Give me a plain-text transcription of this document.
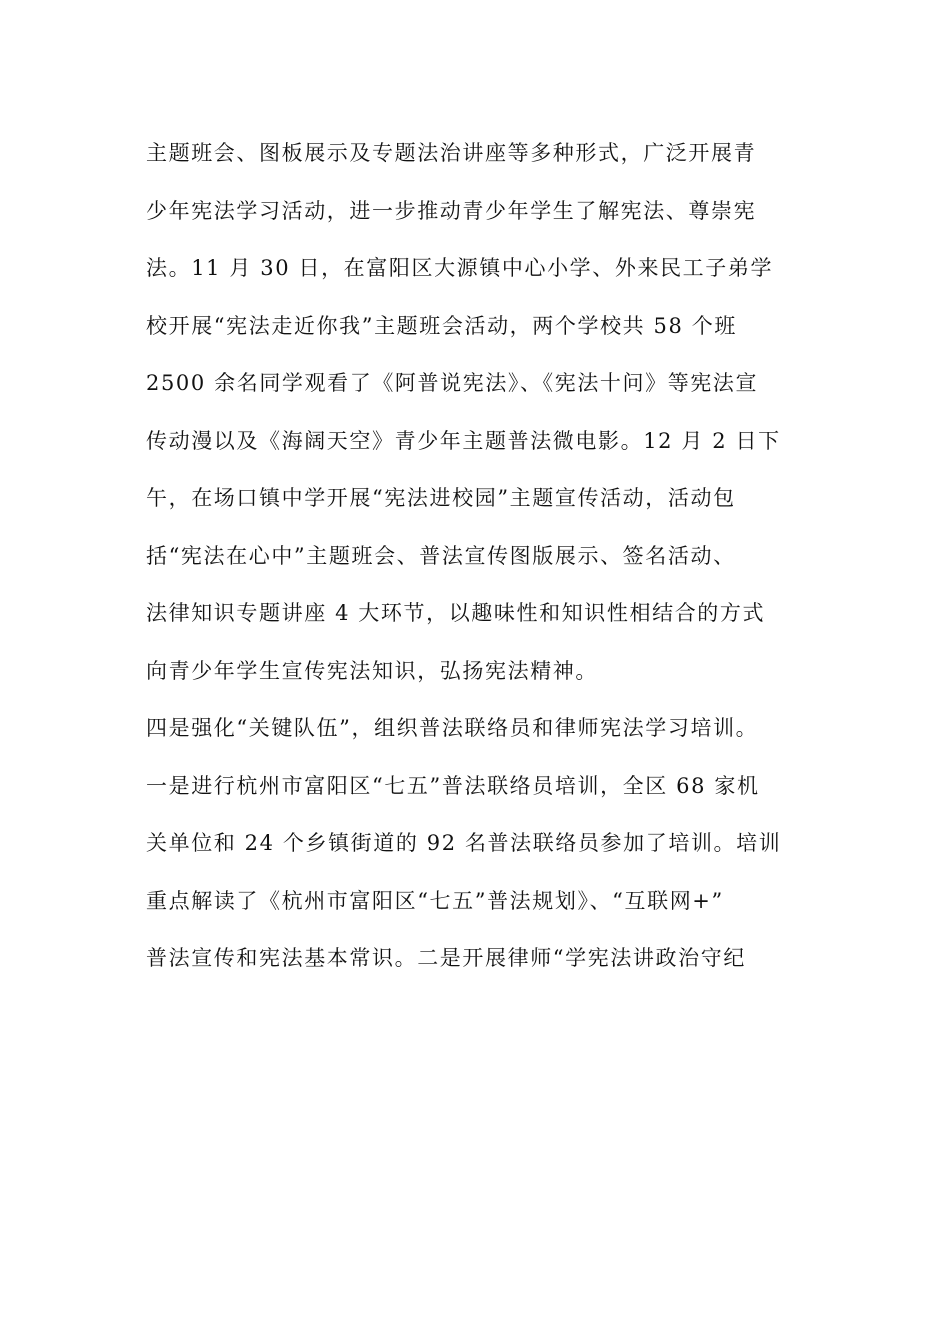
主题班会、图板展示及专题法治讲座等多种形式，广泛开展青
少年宪法学习活动，进一步推动青少年学生了解宪法、尊崇宪
法。11 月 30 日，在富阳区大源镇中心小学、外来民工子弟学
校开展“宪法走近你我”主题班会活动，两个学校共 58 个班
2500 余名同学观看了《阿普说宪法》、《宪法十问》等宪法宣
传动漫以及《海阔天空》青少年主题普法微电影。12 月 2 日下
午，在场口镇中学开展“宪法进校园”主题宣传活动，活动包
括“宪法在心中”主题班会、普法宣传图版展示、签名活动、
法律知识专题讲座 4 大环节，以趣味性和知识性相结合的方式
向青少年学生宣传宪法知识，弘扬宪法精神。
四是强化“关键队伍”，组织普法联络员和律师宪法学习培训。
一是进行杭州市富阳区“七五”普法联络员培训，全区 68 家机
关单位和 24 个乡镇街道的 92 名普法联络员参加了培训。培训
重点解读了《杭州市富阳区“七五”普法规划》、“互联网+”
普法宣传和宪法基本常识。二是开展律师“学宪法讲政治守纪
